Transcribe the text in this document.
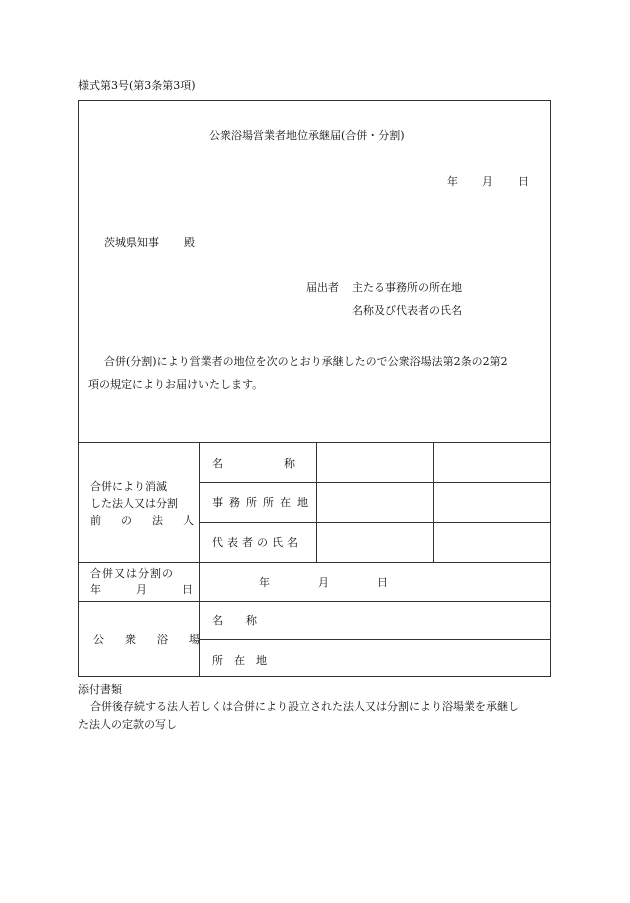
様式第3号(第3条第3項)
公衆浴場営業者地位承継届(合併・分割)
年 月 日
茨城県知事 殿
届出者 主たる事務所の所在地
名称及び代表者の氏名
合併(分割)により営業者の地位を次のとおり承継したので公衆浴場法第2条の2第2
項の規定によりお届けいたします。
合併により消滅
した法人又は分割
前の法人
名称
事務所所在地
代表者の氏名
合併又は分割の
年月日
年	月	日
公衆浴場
名称
所在地
添付書類
合併後存続する法人若しくは合併により設立された法人又は分割により浴場業を承継し
た法人の定款の写し
